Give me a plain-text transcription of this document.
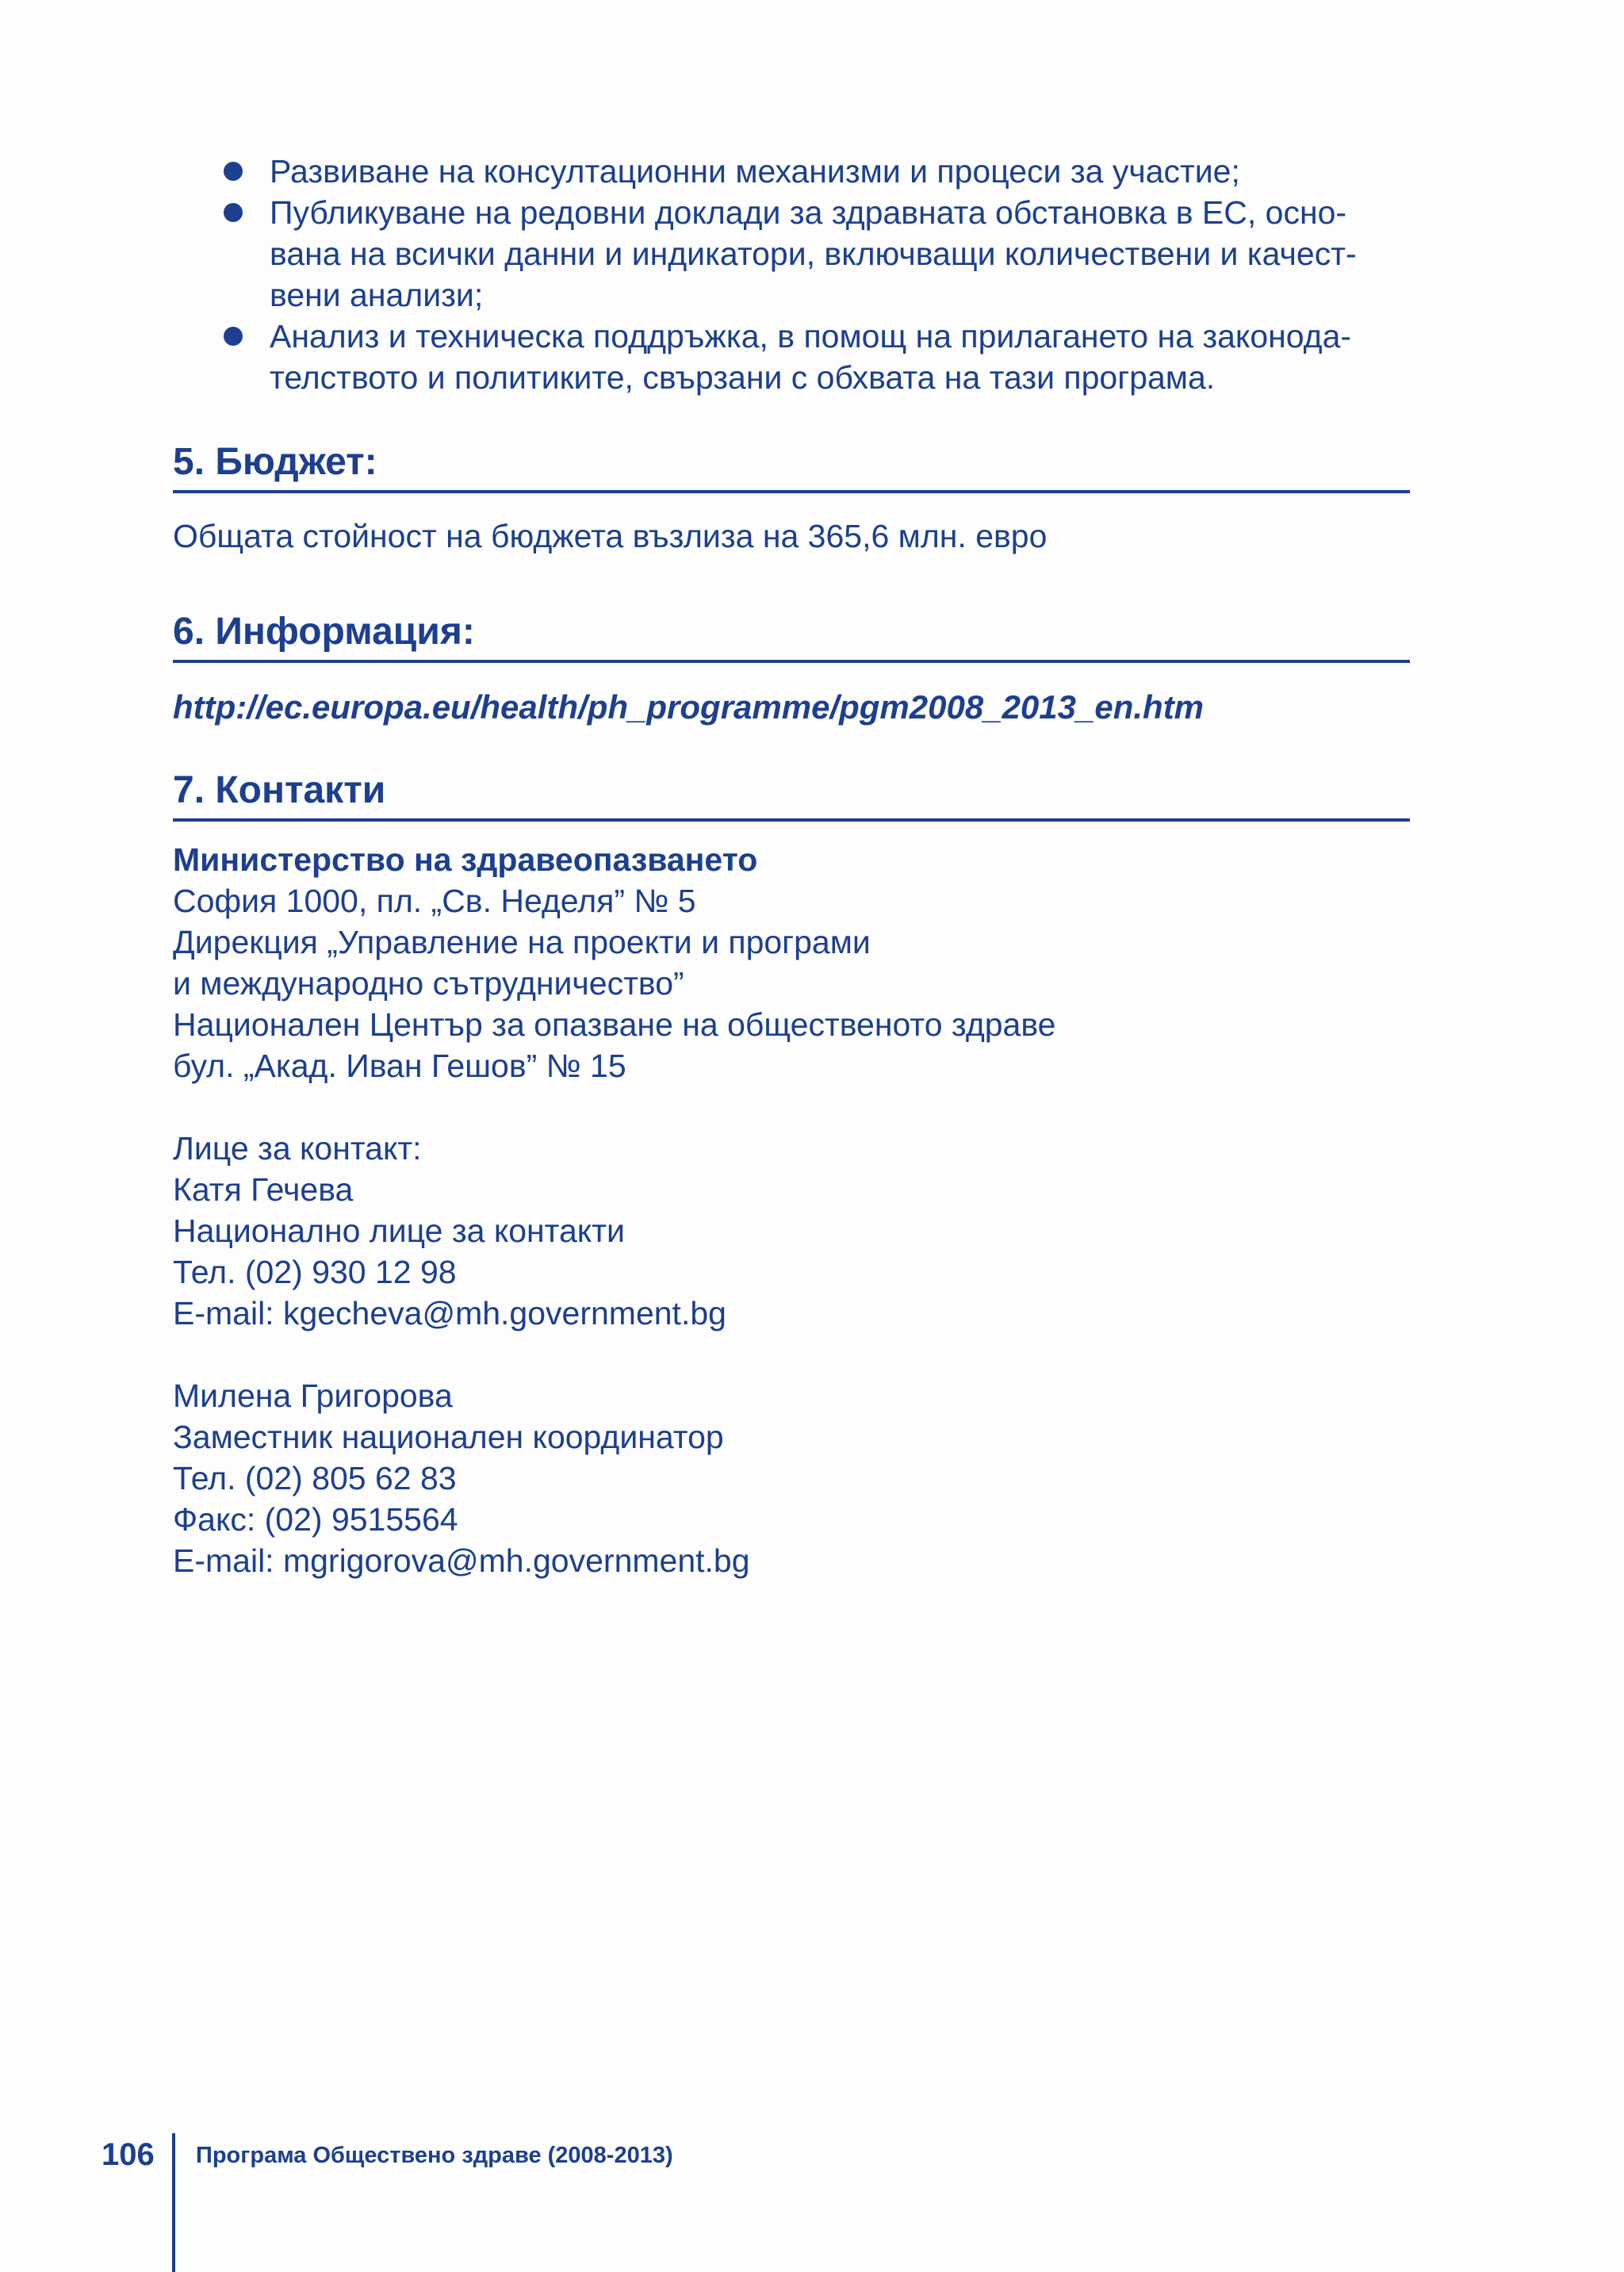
Развиване на консултационни механизми и процеси за участие;
Публикуване на редовни доклади за здравната обстановка в ЕС, осно-
вана на всички данни и индикатори, включващи количествени и качест-
вени анализи;
Анализ и техническа поддръжка, в помощ на прилагането на законода-
телството и политиките, свързани с обхвата на тази програма.
5. Бюджет:

Общата стойност на бюджета възлиза на 365,6 млн. евро

6. Информация:

http://ec.europa.eu/health/ph_programme/pgm2008_2013_en.htm

7. Контакти

Министерство на здравеопазването

София 1000, пл. „Св. Неделя” № 5

Дирекция „Управление на проекти и програми

и международно сътрудничество”

Национален Център за опазване на общественото здраве

бул. „Акад. Иван Гешов” № 15

Лице за контакт:

Катя Гечева

Национално лице за контакти

Тел. (02) 930 12 98

E-mail: kgecheva@mh.government.bg

Милена Григорова

Заместник национален координатор

Тел. (02) 805 62 83

Факс: (02) 9515564

E-mail: mgrigorova@mh.government.bg

106 Програма Обществено здраве (2008-2013)
